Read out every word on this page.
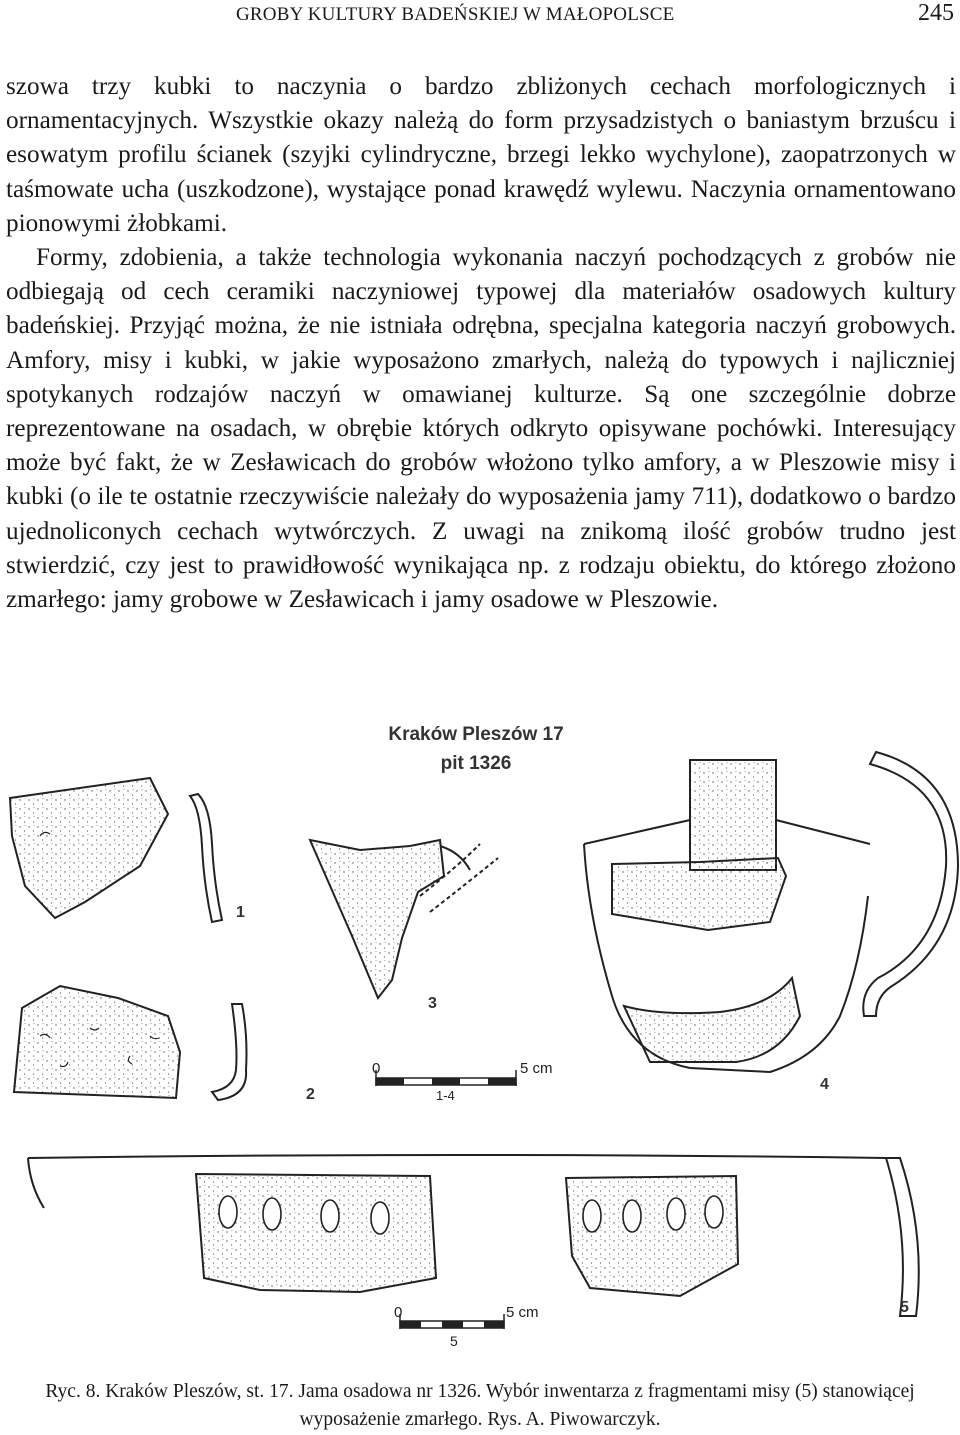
GROBY KULTURY BADEŃSKIEJ W MAŁOPOLSCE	245

szowa trzy kubki to naczynia o bardzo zbliżonych cechach morfologicznych i ornamentacyjnych. Wszystkie okazy należą do form przysadzistych o baniastym brzuścu i esowatym profilu ścianek (szyjki cylindryczne, brzegi lekko wychylone), zaopatrzonych w taśmowate ucha (uszkodzone), wystające ponad krawędź wylewu. Naczynia ornamentowano pionowymi żłobkami.

Formy, zdobienia, a także technologia wykonania naczyń pochodzących z grobów nie odbiegają od cech ceramiki naczyniowej typowej dla materiałów osadowych kultury badeńskiej. Przyjąć można, że nie istniała odrębna, specjalna kategoria naczyń grobowych. Amfory, misy i kubki, w jakie wyposażono zmarłych, należą do typowych i najliczniej spotykanych rodzajów naczyń w omawianej kulturze. Są one szczególnie dobrze reprezentowane na osadach, w obrębie których odkryto opisywane pochówki. Interesujący może być fakt, że w Zesławicach do grobów włożono tylko amfory, a w Pleszowie misy i kubki (o ile te ostatnie rzeczywiście należały do wyposażenia jamy 711), dodatkowo o bardzo ujednoliconych cechach wytwórczych. Z uwagi na znikomą ilość grobów trudno jest stwierdzić, czy jest to prawidłowość wynikająca np. z rodzaju obiektu, do którego złożono zmarłego: jamy grobowe w Zesławicach i jamy osadowe w Pleszowie.

Kraków Pleszów 17
pit 1326
1
2
3
0	5 cm
1-4
4
5
0	5 cm
5
Ryc. 8. Kraków Pleszów, st. 17. Jama osadowa nr 1326. Wybór inwentarza z fragmentami misy (5) stanowiącej wyposażenie zmarłego. Rys. A. Piwowarczyk.
